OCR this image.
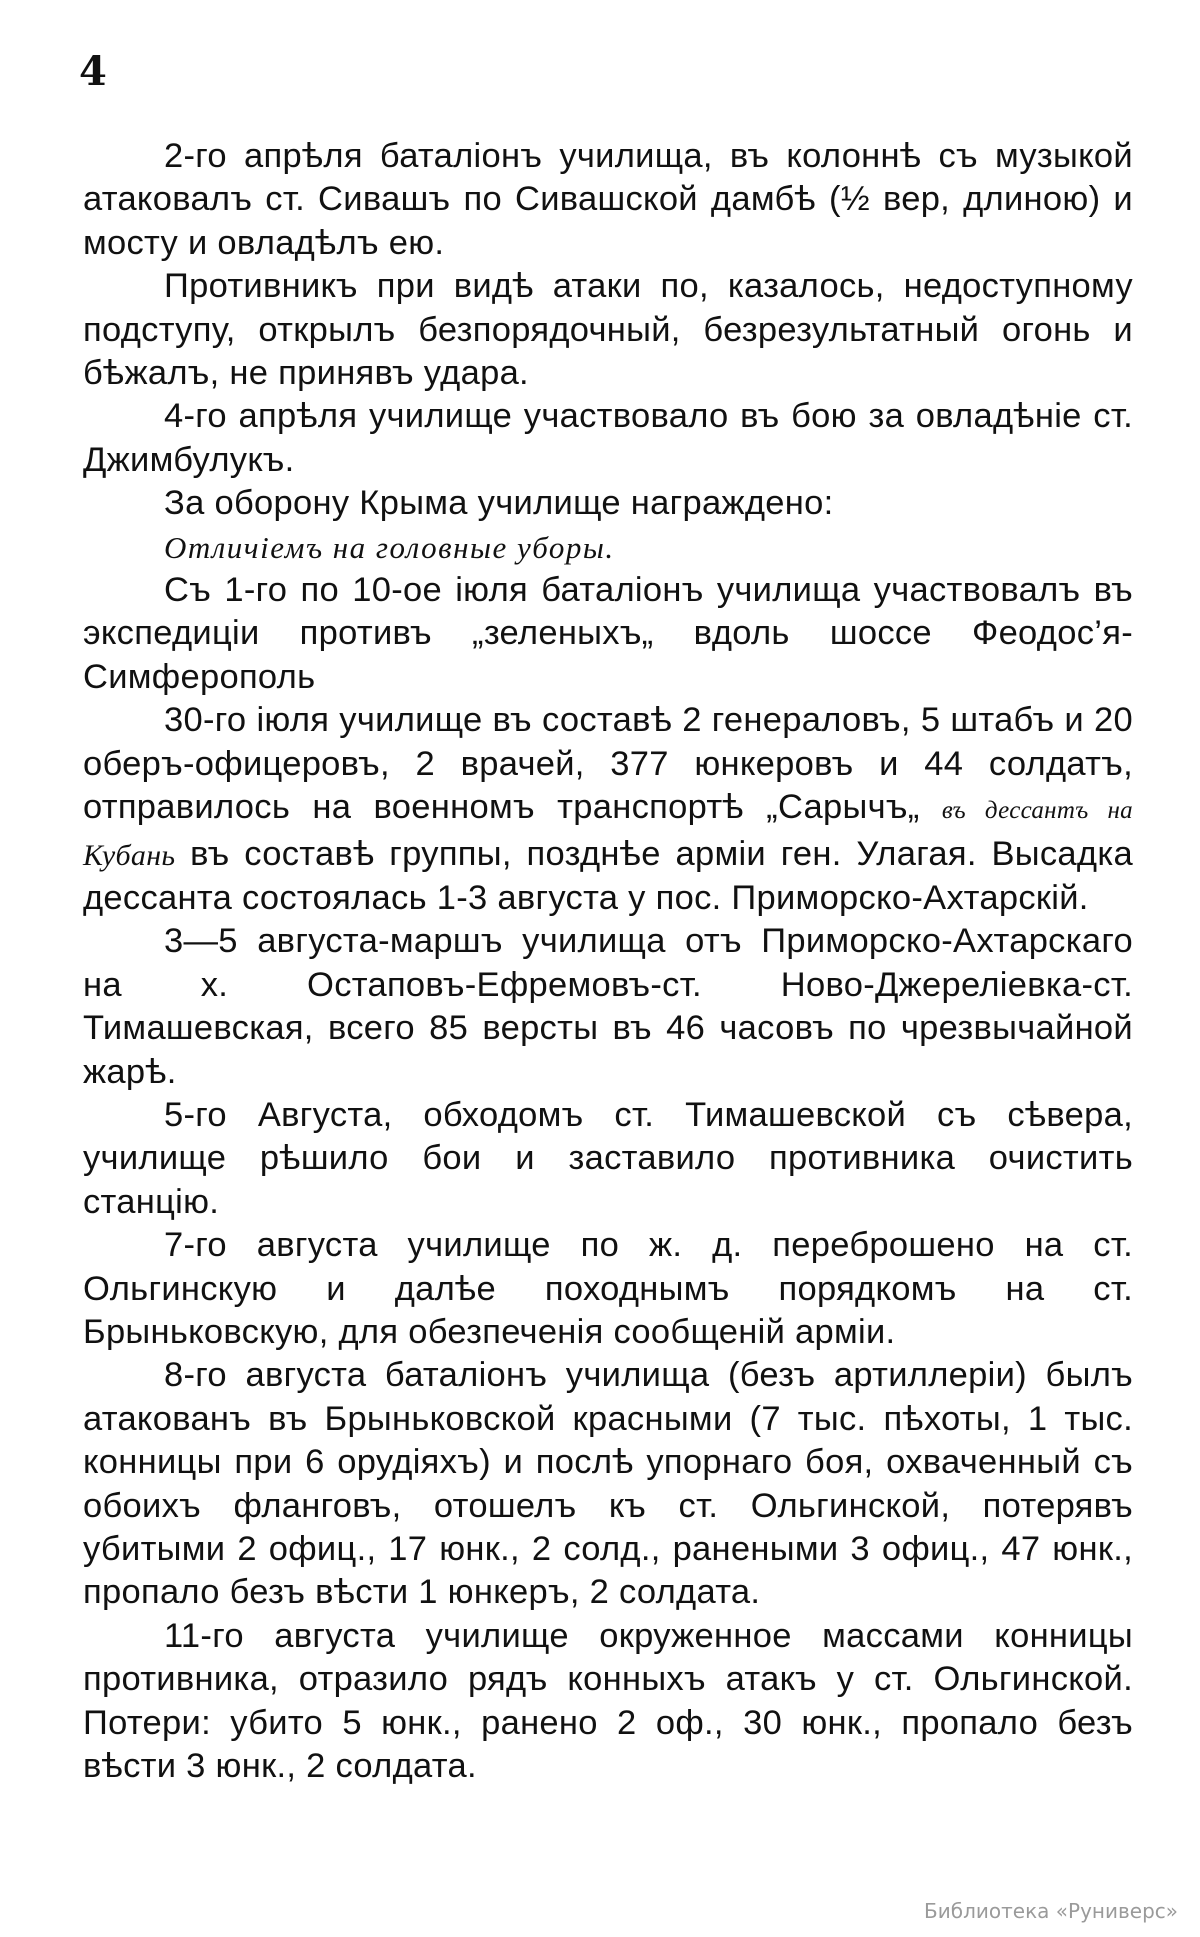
4

2-го апрѣля баталіонъ училища, въ колоннѣ съ музыкой атаковалъ ст. Сивашъ по Сивашской дамбѣ (½ вер, длиною) и мосту и овладѣлъ ею.

Противникъ при видѣ атаки по, казалось, недоступному подступу, открылъ безпорядочный, безрезультатный огонь и бѣжалъ, не принявъ удара.

4-го апрѣля училище участвовало въ бою за овладѣніе ст. Джимбулукъ.

За оборону Крыма училище награждено:

Отличіемъ на головные уборы.

Съ 1-го по 10-ое іюля баталіонъ училища участвовалъ въ экспедиціи противъ „зеленыхъ„ вдоль шоссе Феодос’я-Симферополь

30-го іюля училище въ составѣ 2 генераловъ, 5 штабъ и 20 оберъ-офицеровъ, 2 врачей, 377 юнкеровъ и 44 солдатъ, отправилось на военномъ транспортѣ „Сарычъ„ въ дессантъ на Кубань въ составѣ группы, позднѣе арміи ген. Улагая. Высадка дессанта состоялась 1-3 августа у пос. Приморско-Ахтарскій.

3—5 августа-маршъ училища отъ Приморско-Ахтарскаго на х. Остаповъ-Ефремовъ-ст. Ново-Джереліевка-ст. Тимашевская, всего 85 версты въ 46 часовъ по чрезвычайной жарѣ.

5-го Августа, обходомъ ст. Тимашевской съ сѣвера, училище рѣшило бои и заставило противника очистить станцію.

7-го августа училище по ж. д. переброшено на ст. Ольгинскую и далѣе походнымъ порядкомъ на ст. Брыньковскую, для обезпеченія сообщеній арміи.

8-го августа баталіонъ училища (безъ артиллеріи) былъ атакованъ въ Брыньковской красными (7 тыс. пѣхоты, 1 тыс. конницы при 6 орудіяхъ) и послѣ упорнаго боя, охваченный съ обоихъ фланговъ, отошелъ къ ст. Ольгинской, потерявъ убитыми 2 офиц., 17 юнк., 2 солд., ранеными 3 офиц., 47 юнк., пропало безъ вѣсти 1 юнкеръ, 2 солдата.

11-го августа училище окруженное массами конницы противника, отразило рядъ конныхъ атакъ у ст. Ольгинской. Потери: убито 5 юнк., ранено 2 оф., 30 юнк., пропало безъ вѣсти 3 юнк., 2 солдата.

Библиотека «Руниверс»
